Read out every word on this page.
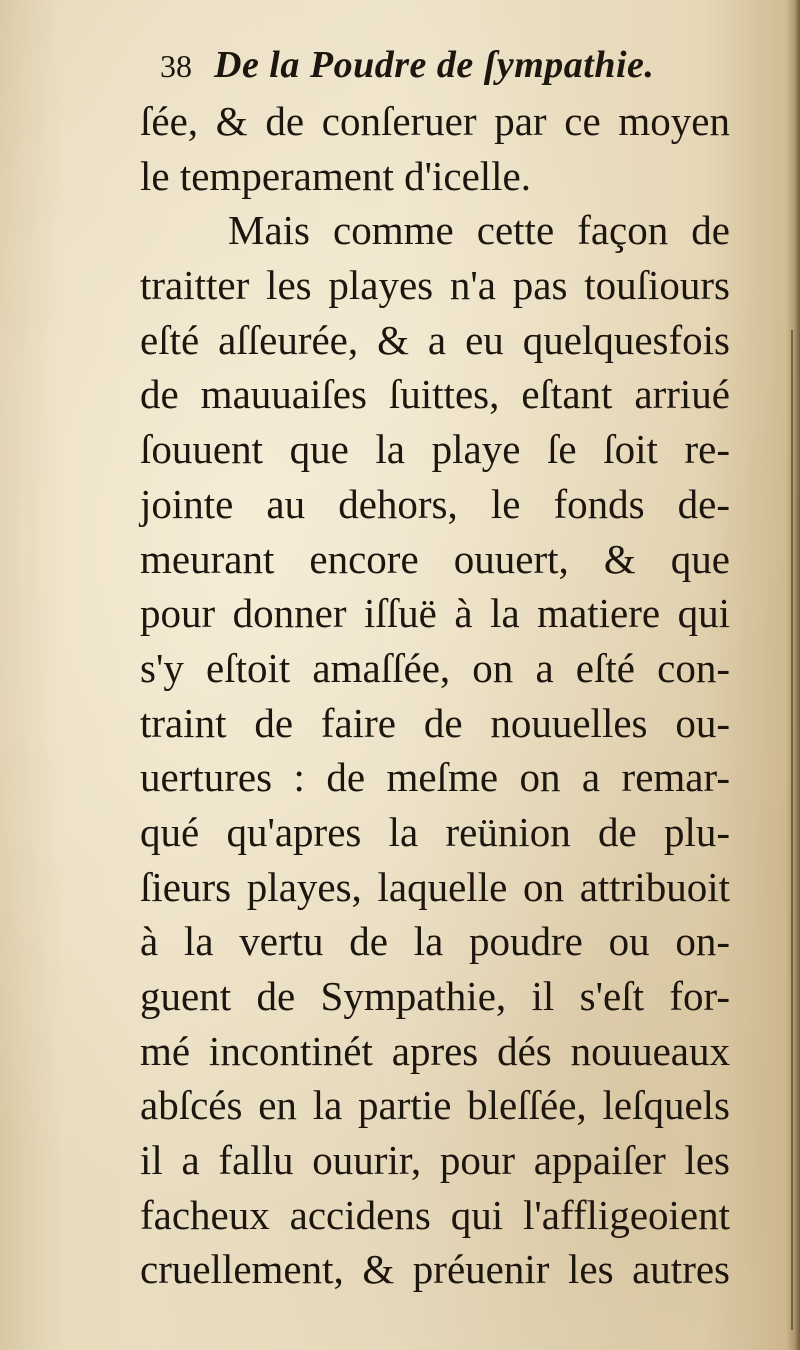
38 De la Poudre de ſympathie.
ſée, & de conſeruer par ce moyen
le temperament d'icelle.
Mais comme cette façon de
traitter les playes n'a pas touſiours
eſté aſſeurée, & a eu quelquesfois
de mauuaiſes ſuittes, eſtant arriué
ſouuent que la playe ſe ſoit re-
jointe au dehors, le fonds de-
meurant encore ouuert, & que
pour donner iſſuë à la matiere qui
s'y eſtoit amaſſée, on a eſté con-
traint de faire de nouuelles ou-
uertures : de meſme on a remar-
qué qu'apres la reünion de plu-
ſieurs playes, laquelle on attribuoit
à la vertu de la poudre ou on-
guent de Sympathie, il s'eſt for-
mé incontinét apres dés nouueaux
abſcés en la partie bleſſée, leſquels
il a fallu ouurir, pour appaiſer les
facheux accidens qui l'affligeoient
cruellement, & préuenir les autres
